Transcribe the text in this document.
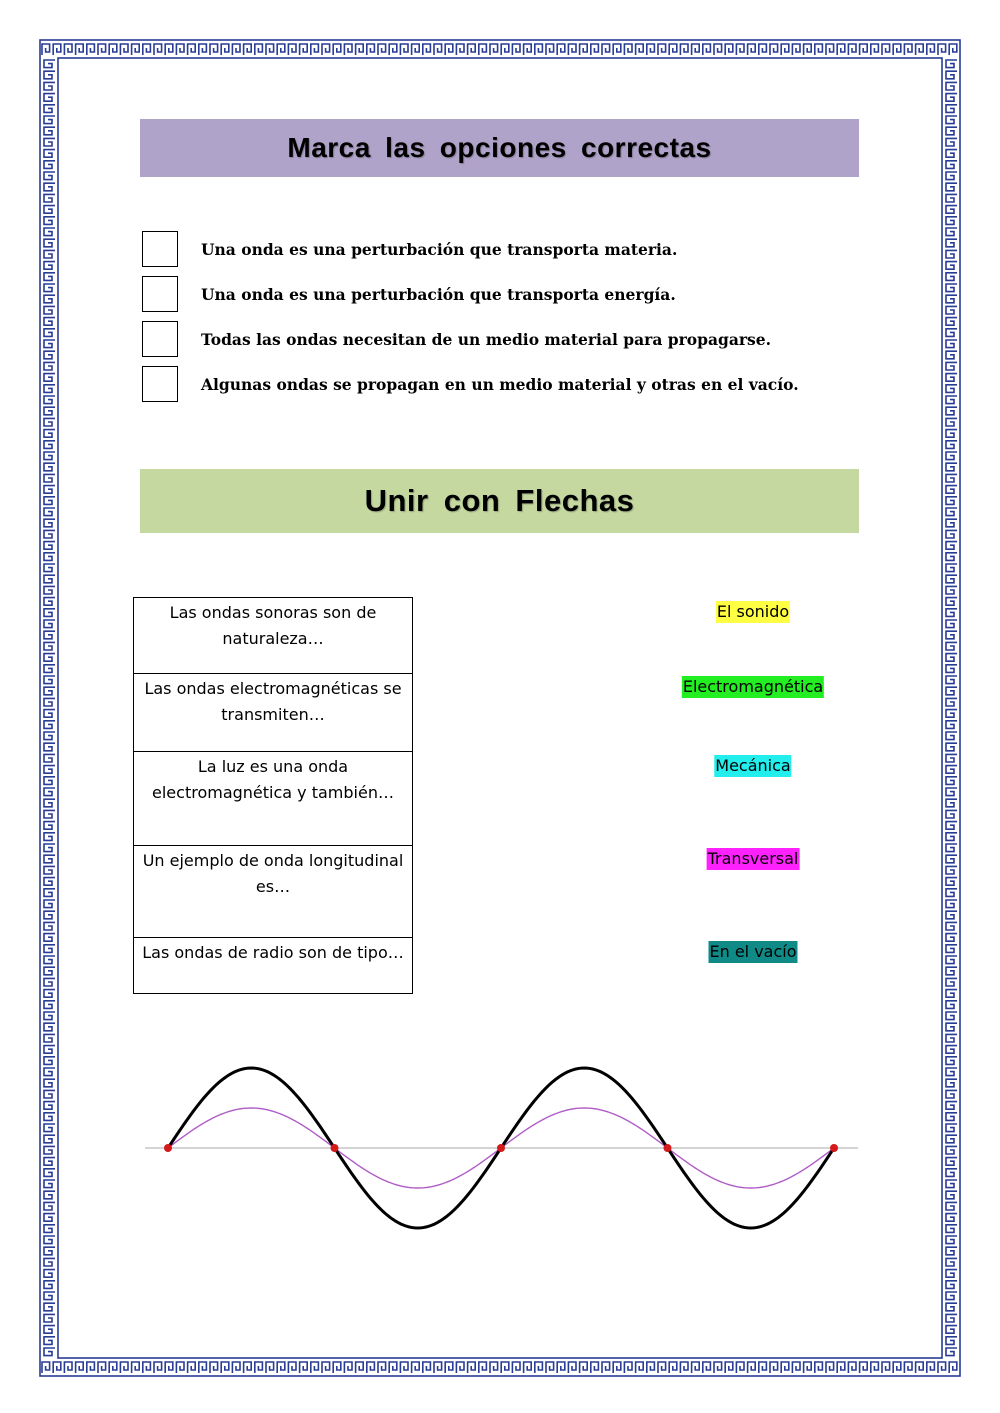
Marca las opciones correctas
Una onda es una perturbación que transporta materia.
Una onda es una perturbación que transporta energía.
Todas las ondas necesitan de un medio material para propagarse.
Algunas ondas se propagan en un medio material y otras en el vacío.
Unir con Flechas
Las ondas sonoras son de naturaleza…
Las ondas electromagnéticas se transmiten…
La luz es una onda electromagnética y también…
Un ejemplo de onda longitudinal es…
Las ondas de radio son de tipo…
El sonido
Electromagnética
Mecánica
Transversal
En el vacío
